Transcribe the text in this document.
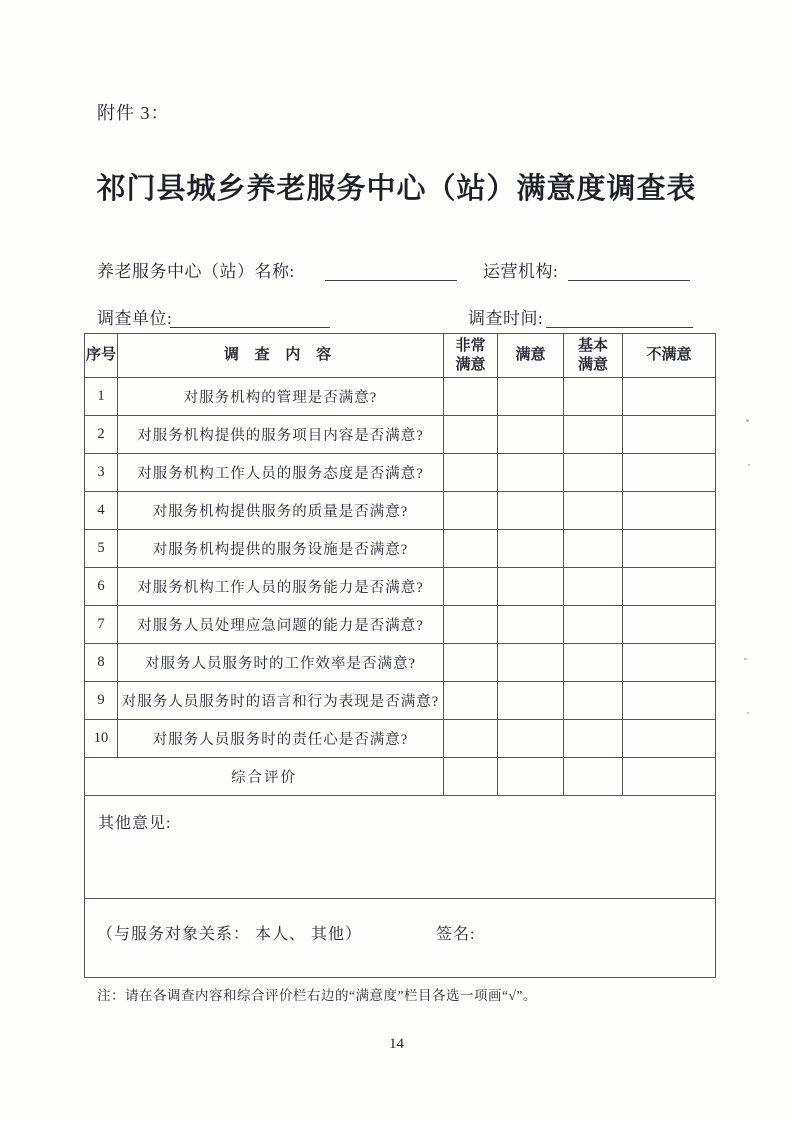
附件 3：
祁门县城乡养老服务中心（站）满意度调查表
养老服务中心（站）名称:	运营机构:
调查单位:	调查时间:
序号	调 查 内 容	非常满意	满意	基本满意	不满意
1	对服务机构的管理是否满意?				
2	对服务机构提供的服务项目内容是否满意?				
3	对服务机构工作人员的服务态度是否满意?				
4	对服务机构提供服务的质量是否满意?				
5	对服务机构提供的服务设施是否满意?				
6	对服务机构工作人员的服务能力是否满意?				
7	对服务人员处理应急问题的能力是否满意?				
8	对服务人员服务时的工作效率是否满意?				
9	对服务人员服务时的语言和行为表现是否满意?				
10	对服务人员服务时的责任心是否满意?				
综合评价					
其他意见:					

（与服务对象关系： 本人、 其他） 签名:					
注：请在各调查内容和综合评价栏右边的“满意度”栏目各选一项画“√”。
14
